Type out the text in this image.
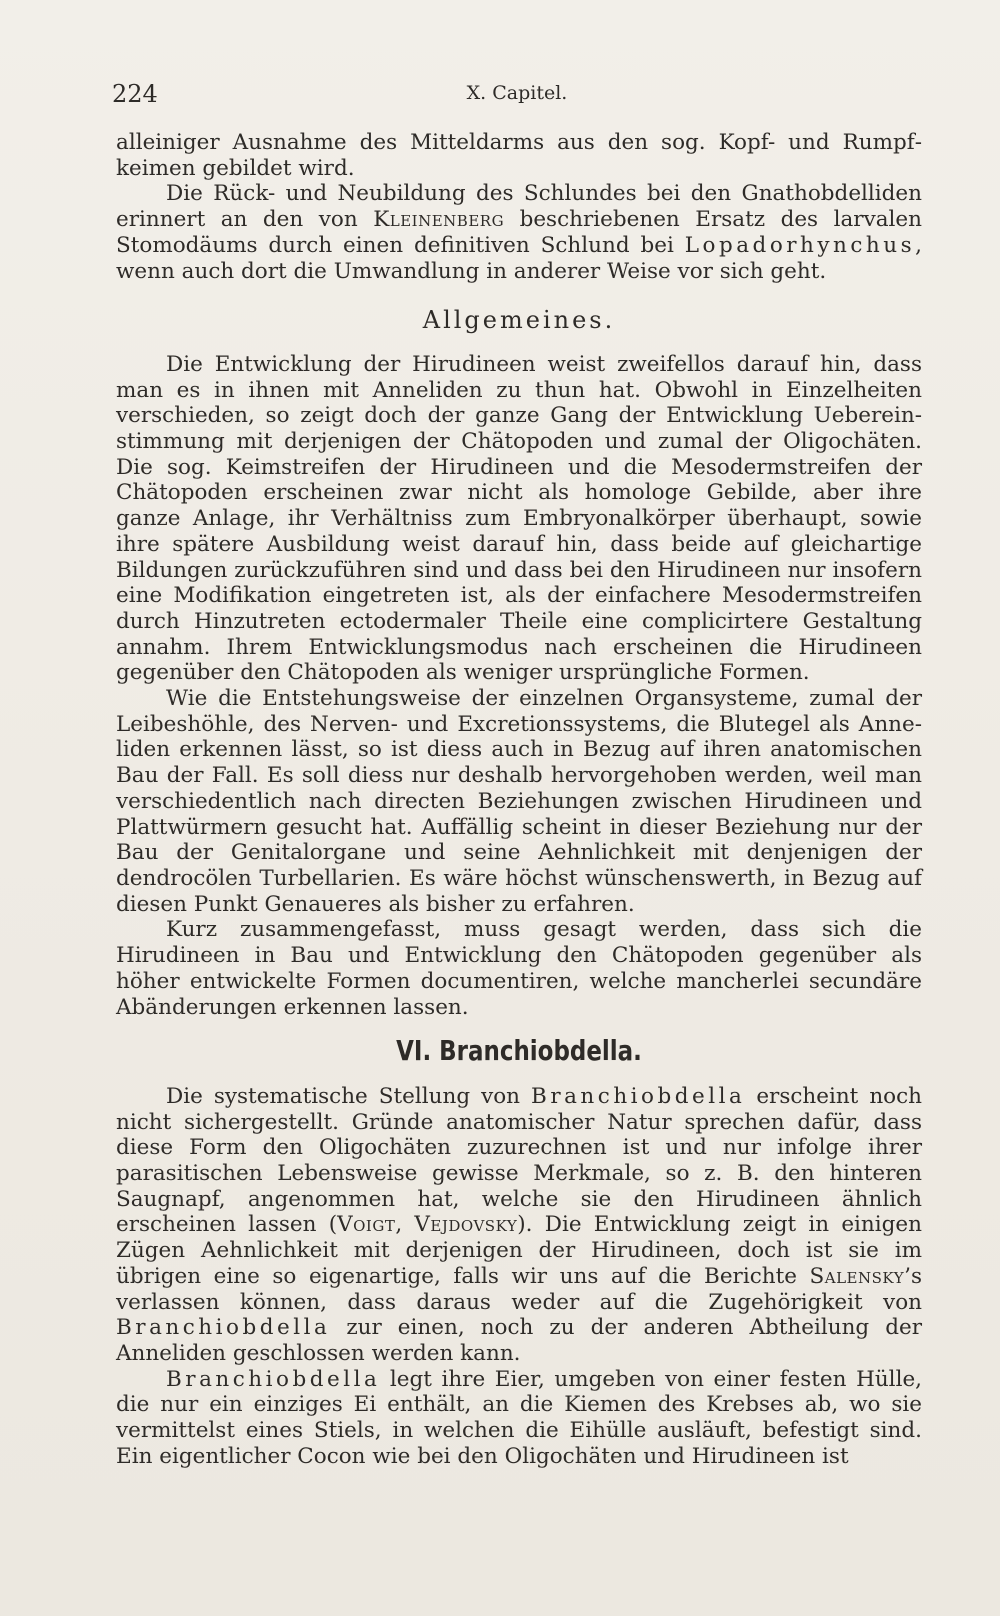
224	X. Capitel.

alleiniger Ausnahme des Mitteldarms aus den sog. Kopf- und Rumpfkeimen gebildet wird.

Die Rück- und Neubildung des Schlundes bei den Gnathobdelliden erinnert an den von Kleinenberg beschriebenen Ersatz des larvalen Stomodäums durch einen definitiven Schlund bei Lopadorhynchus, wenn auch dort die Umwandlung in anderer Weise vor sich geht.

Allgemeines.

Die Entwicklung der Hirudineen weist zweifellos darauf hin, dass man es in ihnen mit Anneliden zu thun hat. Obwohl in Einzelheiten verschieden, so zeigt doch der ganze Gang der Entwicklung Uebereinstimmung mit derjenigen der Chätopoden und zumal der Oligochäten. Die sog. Keimstreifen der Hirudineen und die Mesodermstreifen der Chätopoden erscheinen zwar nicht als homologe Gebilde, aber ihre ganze Anlage, ihr Verhältniss zum Embryonalkörper überhaupt, sowie ihre spätere Ausbildung weist darauf hin, dass beide auf gleichartige Bildungen zurückzuführen sind und dass bei den Hirudineen nur insofern eine Modifikation eingetreten ist, als der einfachere Mesodermstreifen durch Hinzutreten ectodermaler Theile eine complicirtere Gestaltung annahm. Ihrem Entwicklungsmodus nach erscheinen die Hirudineen gegenüber den Chätopoden als weniger ursprüngliche Formen.

Wie die Entstehungsweise der einzelnen Organsysteme, zumal der Leibeshöhle, des Nerven- und Excretionssystems, die Blutegel als Anneliden erkennen lässt, so ist diess auch in Bezug auf ihren anatomischen Bau der Fall. Es soll diess nur deshalb hervorgehoben werden, weil man verschiedentlich nach directen Beziehungen zwischen Hirudineen und Plattwürmern gesucht hat. Auffällig scheint in dieser Beziehung nur der Bau der Genitalorgane und seine Aehnlichkeit mit denjenigen der dendrocölen Turbellarien. Es wäre höchst wünschenswerth, in Bezug auf diesen Punkt Genaueres als bisher zu erfahren.

Kurz zusammengefasst, muss gesagt werden, dass sich die Hirudineen in Bau und Entwicklung den Chätopoden gegenüber als höher entwickelte Formen documentiren, welche mancherlei secundäre Abänderungen erkennen lassen.

VI. Branchiobdella.

Die systematische Stellung von Branchiobdella erscheint noch nicht sichergestellt. Gründe anatomischer Natur sprechen dafür, dass diese Form den Oligochäten zuzurechnen ist und nur infolge ihrer parasitischen Lebensweise gewisse Merkmale, so z. B. den hinteren Saugnapf, angenommen hat, welche sie den Hirudineen ähnlich erscheinen lassen (Voigt, Vejdovsky). Die Entwicklung zeigt in einigen Zügen Aehnlichkeit mit derjenigen der Hirudineen, doch ist sie im übrigen eine so eigenartige, falls wir uns auf die Berichte Salensky’s verlassen können, dass daraus weder auf die Zugehörigkeit von Branchiobdella zur einen, noch zu der anderen Abtheilung der Anneliden geschlossen werden kann.

Branchiobdella legt ihre Eier, umgeben von einer festen Hülle, die nur ein einziges Ei enthält, an die Kiemen des Krebses ab, wo sie vermittelst eines Stiels, in welchen die Eihülle ausläuft, befestigt sind. Ein eigentlicher Cocon wie bei den Oligochäten und Hirudineen ist
